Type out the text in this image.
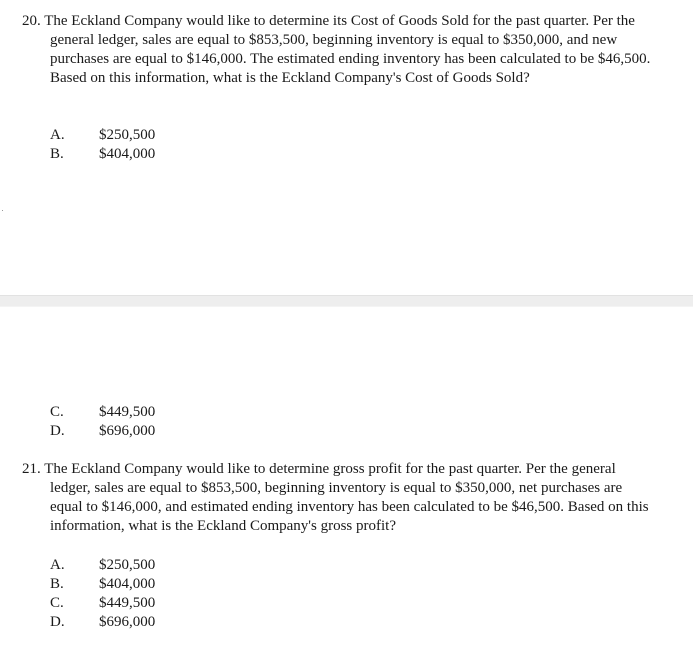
20. The Eckland Company would like to determine its Cost of Goods Sold for the past quarter. Per the general ledger, sales are equal to $853,500, beginning inventory is equal to $350,000, and new purchases are equal to $146,000. The estimated ending inventory has been calculated to be $46,500. Based on this information, what is the Eckland Company's Cost of Goods Sold?

A.	$250,500
B.	$404,000
C.	$449,500
D.	$696,000

21. The Eckland Company would like to determine gross profit for the past quarter. Per the general ledger, sales are equal to $853,500, beginning inventory is equal to $350,000, net purchases are equal to $146,000, and estimated ending inventory has been calculated to be $46,500. Based on this information, what is the Eckland Company's gross profit?

A.	$250,500
B.	$404,000
C.	$449,500
D.	$696,000
